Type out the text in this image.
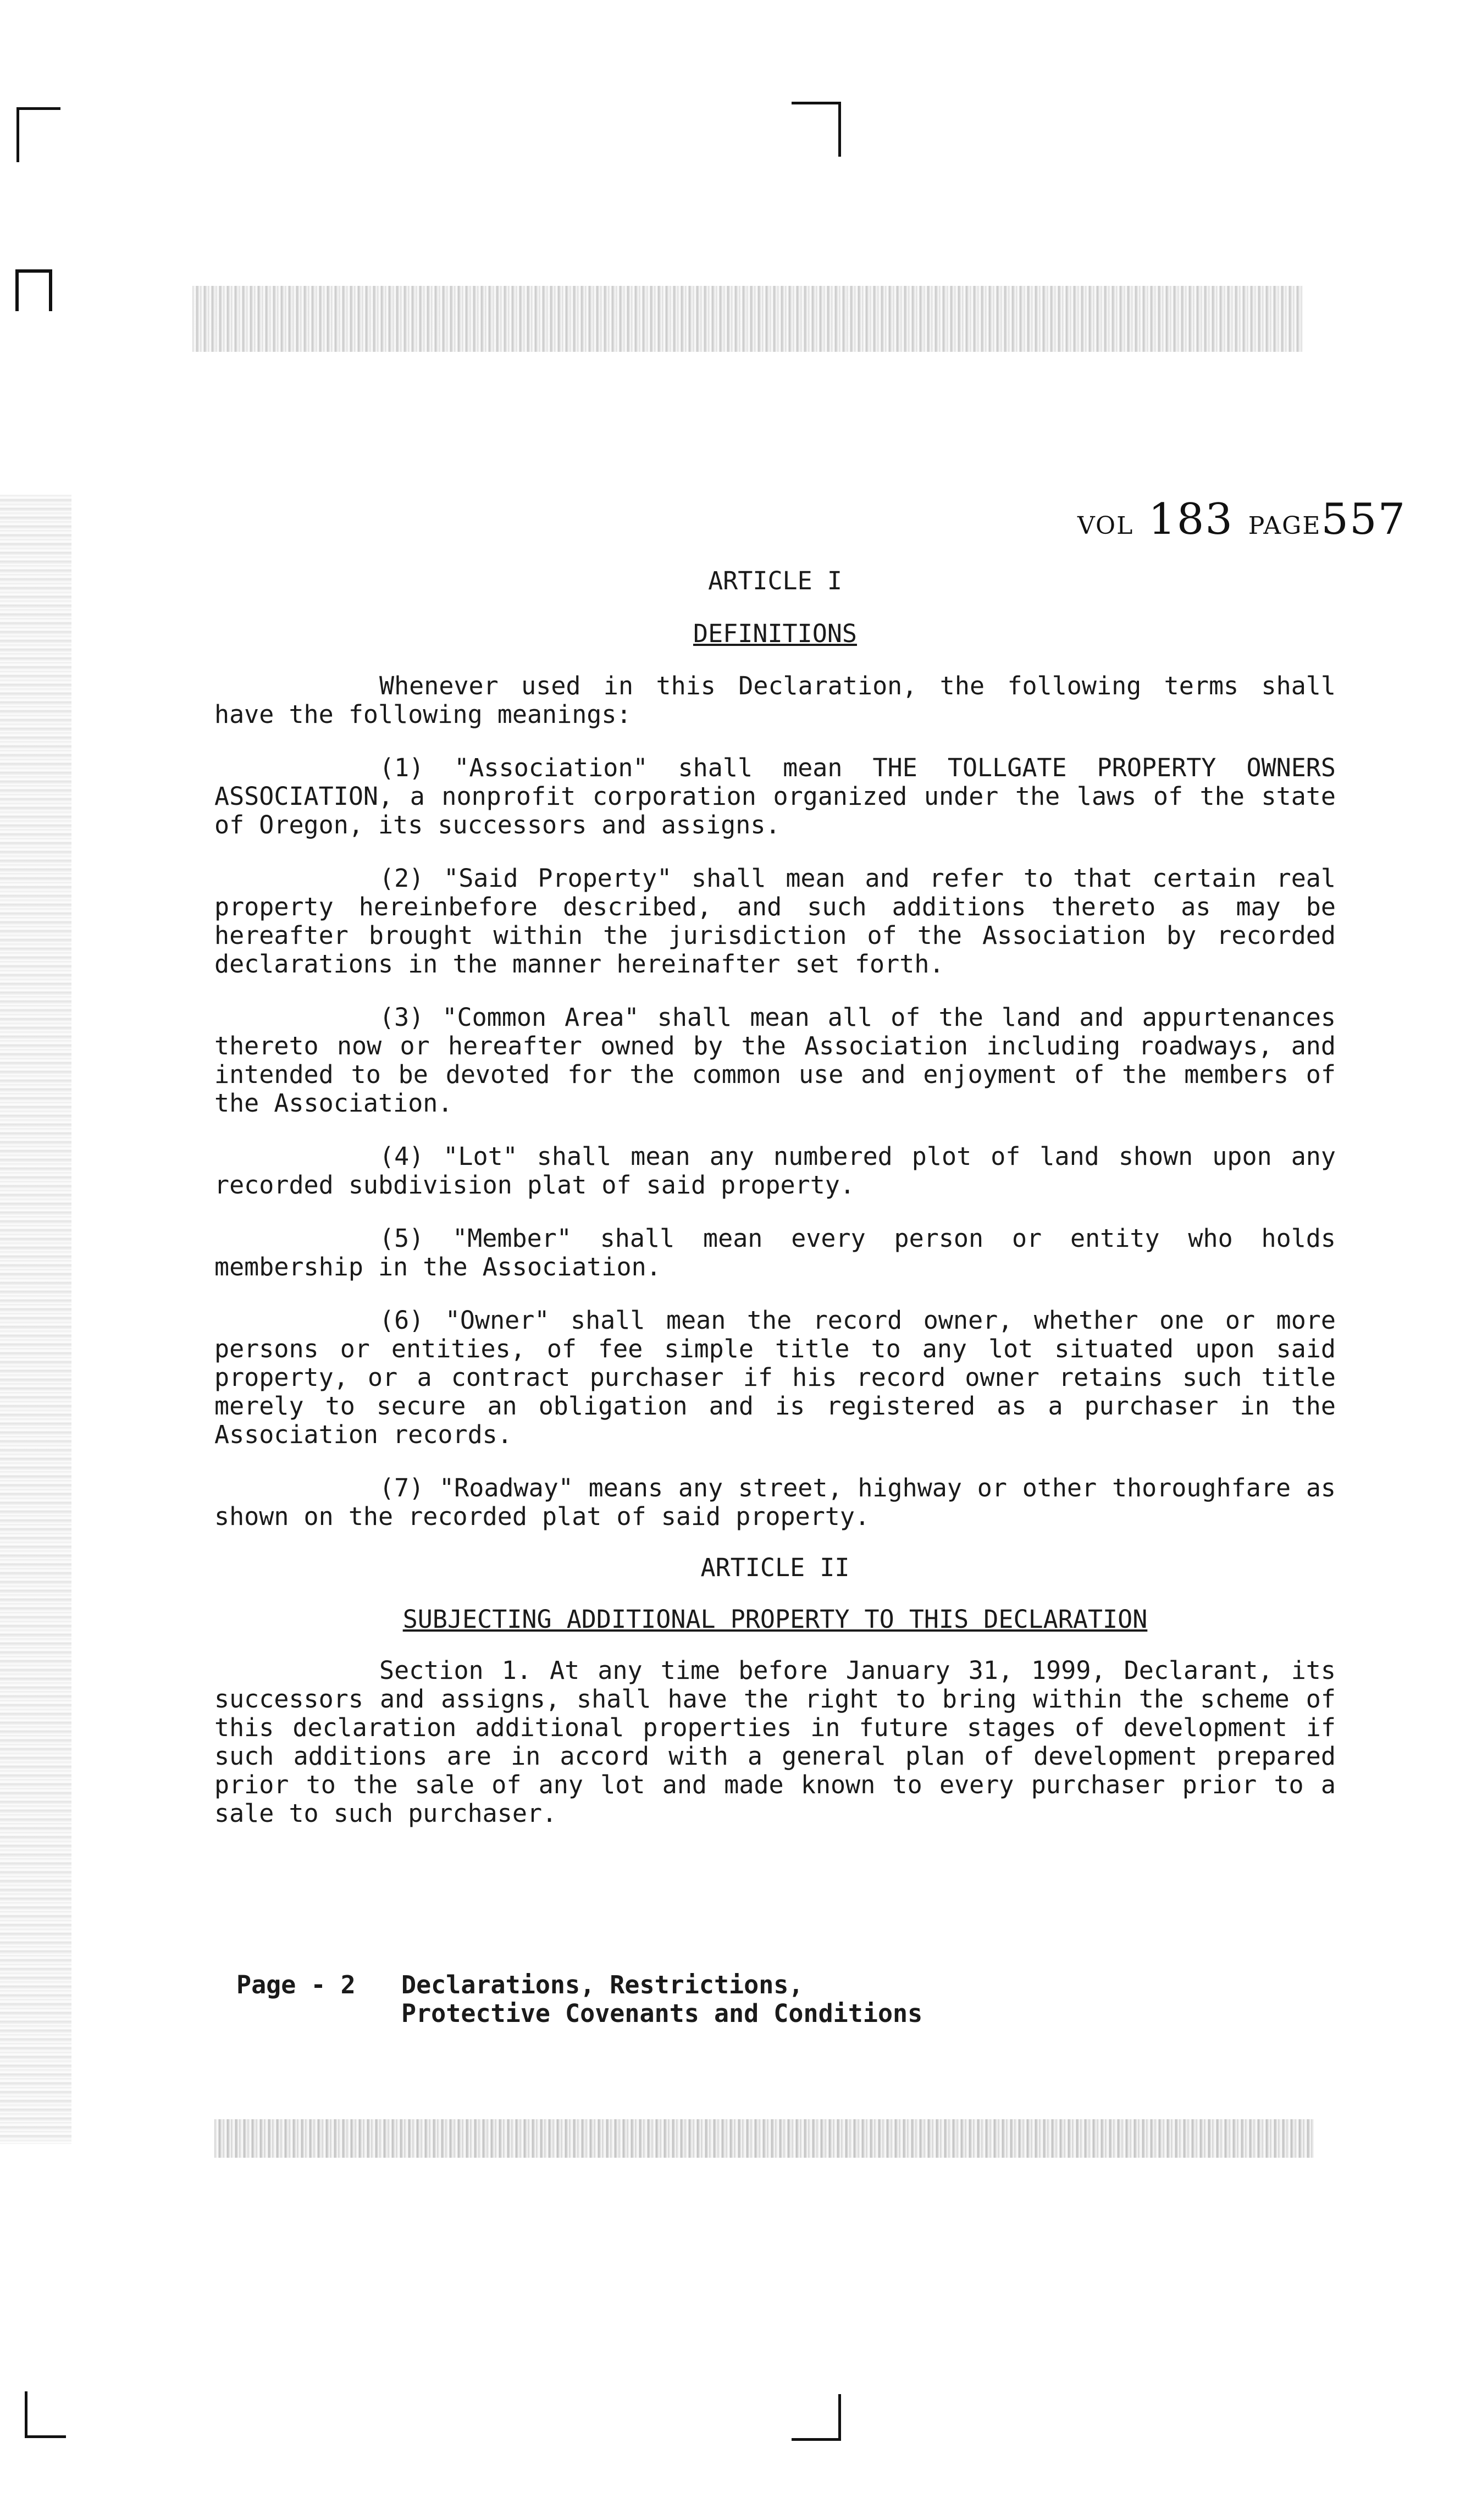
VOL 183 PAGE557

ARTICLE I

DEFINITIONS

Whenever used in this Declaration, the following terms shall have the following meanings:

(1) "Association" shall mean THE TOLLGATE PROPERTY OWNERS ASSOCIATION, a nonprofit corporation organized under the laws of the state of Oregon, its successors and assigns.

(2) "Said Property" shall mean and refer to that certain real property hereinbefore described, and such additions thereto as may be hereafter brought within the jurisdiction of the Association by recorded declarations in the manner hereinafter set forth.

(3) "Common Area" shall mean all of the land and appurtenances thereto now or hereafter owned by the Association including roadways, and intended to be devoted for the common use and enjoyment of the members of the Association.

(4) "Lot" shall mean any numbered plot of land shown upon any recorded subdivision plat of said property.

(5) "Member" shall mean every person or entity who holds membership in the Association.

(6) "Owner" shall mean the record owner, whether one or more persons or entities, of fee simple title to any lot situated upon said property, or a contract purchaser if his record owner retains such title merely to secure an obligation and is registered as a purchaser in the Association records.

(7) "Roadway" means any street, highway or other thoroughfare as shown on the recorded plat of said property.

ARTICLE II

SUBJECTING ADDITIONAL PROPERTY TO THIS DECLARATION

Section 1. At any time before January 31, 1999, Declarant, its successors and assigns, shall have the right to bring within the scheme of this declaration additional properties in future stages of development if such additions are in accord with a general plan of development prepared prior to the sale of any lot and made known to every purchaser prior to a sale to such purchaser.

Page - 2 Declarations, Restrictions,
Protective Covenants and Conditions
